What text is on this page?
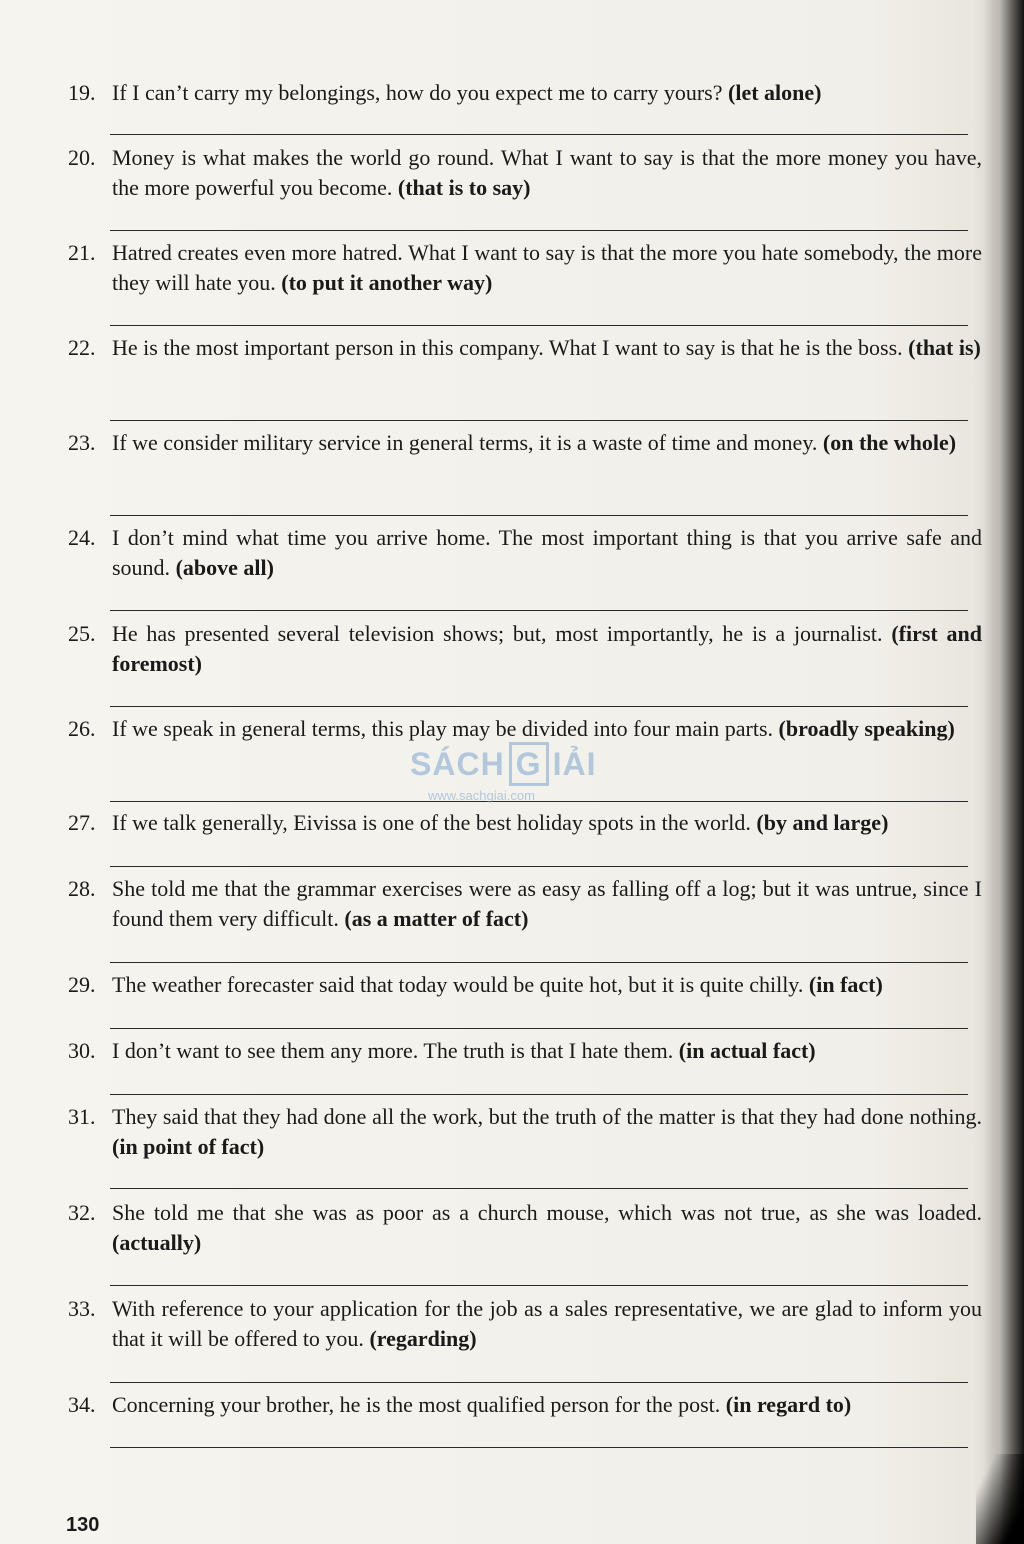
19. If I can’t carry my belongings, how do you expect me to carry yours? (let alone)
20. Money is what makes the world go round. What I want to say is that the more money you have, the more powerful you become. (that is to say)
21. Hatred creates even more hatred. What I want to say is that the more you hate somebody, the more they will hate you. (to put it another way)
22. He is the most important person in this company. What I want to say is that he is the boss. (that is)
23. If we consider military service in general terms, it is a waste of time and money. (on the whole)
24. I don’t mind what time you arrive home. The most important thing is that you arrive safe and sound. (above all)
25. He has presented several television shows; but, most importantly, he is a journalist. (first and foremost)
26. If we speak in general terms, this play may be divided into four main parts. (broadly speaking)
27. If we talk generally, Eivissa is one of the best holiday spots in the world. (by and large)
28. She told me that the grammar exercises were as easy as falling off a log; but it was untrue, since I found them very difficult. (as a matter of fact)
29. The weather forecaster said that today would be quite hot, but it is quite chilly. (in fact)
30. I don’t want to see them any more. The truth is that I hate them. (in actual fact)
31. They said that they had done all the work, but the truth of the matter is that they had done nothing. (in point of fact)
32. She told me that she was as poor as a church mouse, which was not true, as she was loaded. (actually)
33. With reference to your application for the job as a sales representative, we are glad to inform you that it will be offered to you. (regarding)
34. Concerning your brother, he is the most qualified person for the post. (in regard to)
SÁCH G IẢI
www.sachgiai.com
130
